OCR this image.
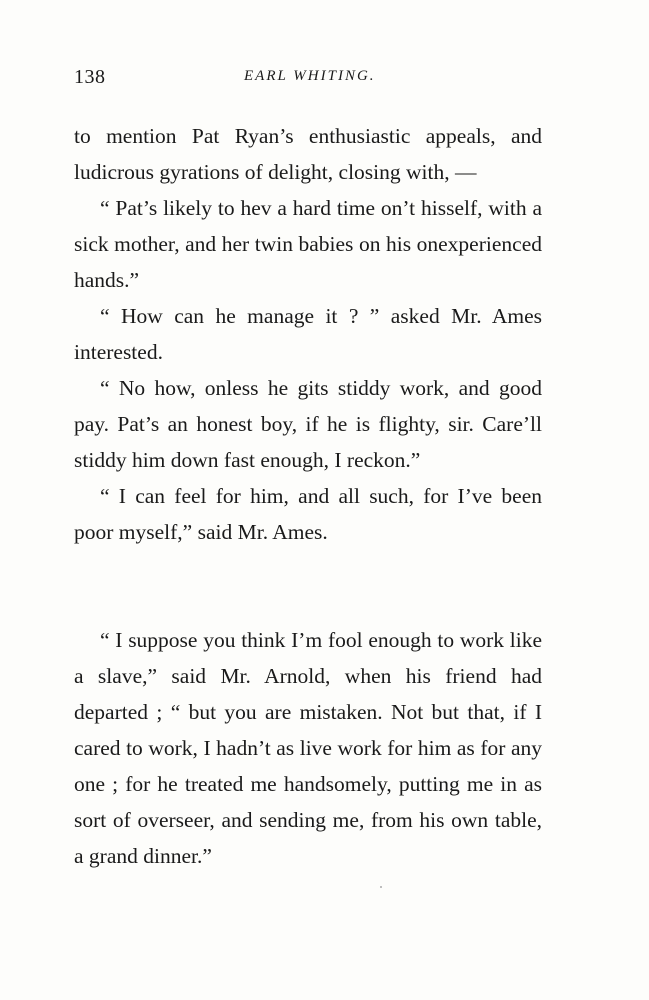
138	EARL WHITING.

to mention Pat Ryan’s enthusiastic appeals, and ludicrous gyrations of delight, closing with, —

“ Pat’s likely to hev a hard time on’t hisself, with a sick mother, and her twin babies on his onexperienced hands.”

“ How can he manage it ? ” asked Mr. Ames interested.

“ No how, onless he gits stiddy work, and good pay. Pat’s an honest boy, if he is flighty, sir. Care’ll stiddy him down fast enough, I reckon.”

“ I can feel for him, and all such, for I’ve been poor myself,” said Mr. Ames.

“ I suppose you think I’m fool enough to work like a slave,” said Mr. Arnold, when his friend had departed ; “ but you are mistaken. Not but that, if I cared to work, I hadn’t as live work for him as for any one ; for he treated me handsomely, putting me in as sort of overseer, and sending me, from his own table, a grand dinner.”
